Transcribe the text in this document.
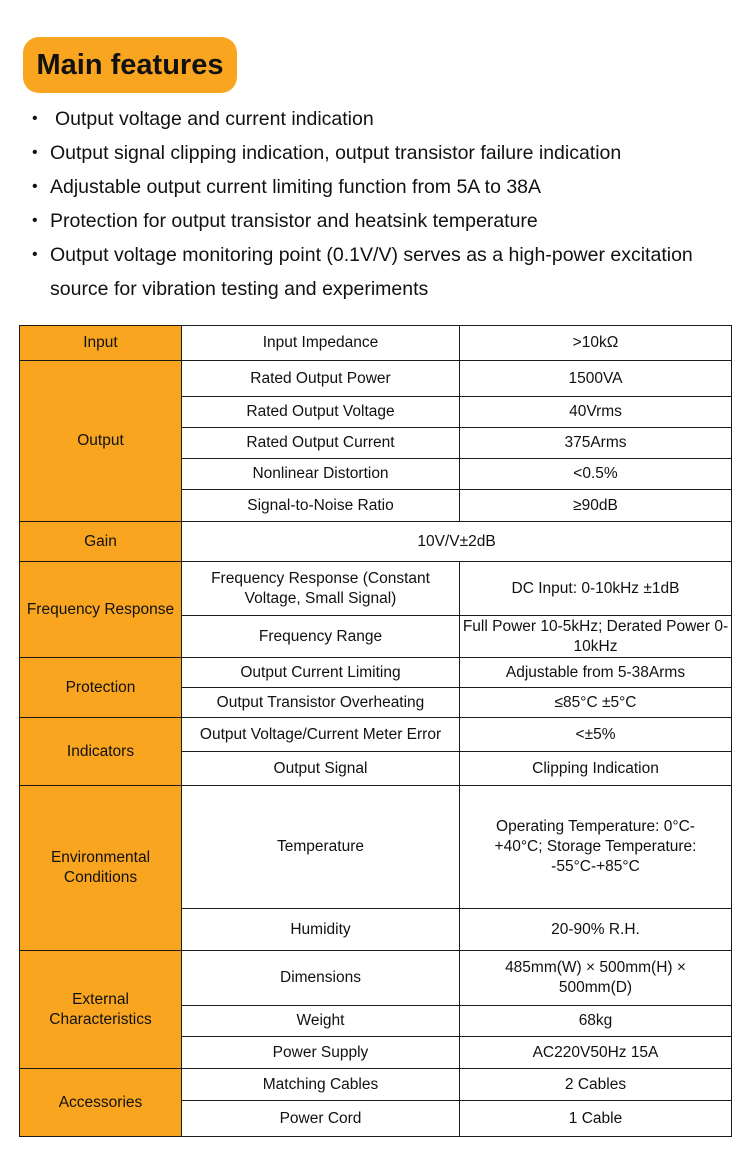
Main features
• Output voltage and current indication
• Output signal clipping indication, output transistor failure indication
• Adjustable output current limiting function from 5A to 38A
• Protection for output transistor and heatsink temperature
• Output voltage monitoring point (0.1V/V) serves as a high-power excitation source for vibration testing and experiments
Input	Input Impedance	>10kΩ
Output	Rated Output Power	1500VA
	Rated Output Voltage	40Vrms
	Rated Output Current	375Arms
	Nonlinear Distortion	<0.5%
	Signal-to-Noise Ratio	≥90dB
Gain	10V/V±2dB	
Frequency Response	Frequency Response (Constant Voltage, Small Signal)	DC Input: 0-10kHz ±1dB
	Frequency Range	Full Power 10-5kHz; Derated Power 0-10kHz
Protection	Output Current Limiting	Adjustable from 5-38Arms
	Output Transistor Overheating	≤85°C ±5°C
Indicators	Output Voltage/Current Meter Error	<±5%
	Output Signal	Clipping Indication
Environmental Conditions	Temperature	Operating Temperature: 0°C-+40°C; Storage Temperature: -55°C-+85°C
	Humidity	20-90% R.H.
External Characteristics	Dimensions	485mm(W) × 500mm(H) × 500mm(D)
	Weight	68kg
	Power Supply	AC220V50Hz 15A
Accessories	Matching Cables	2 Cables
	Power Cord	1 Cable
